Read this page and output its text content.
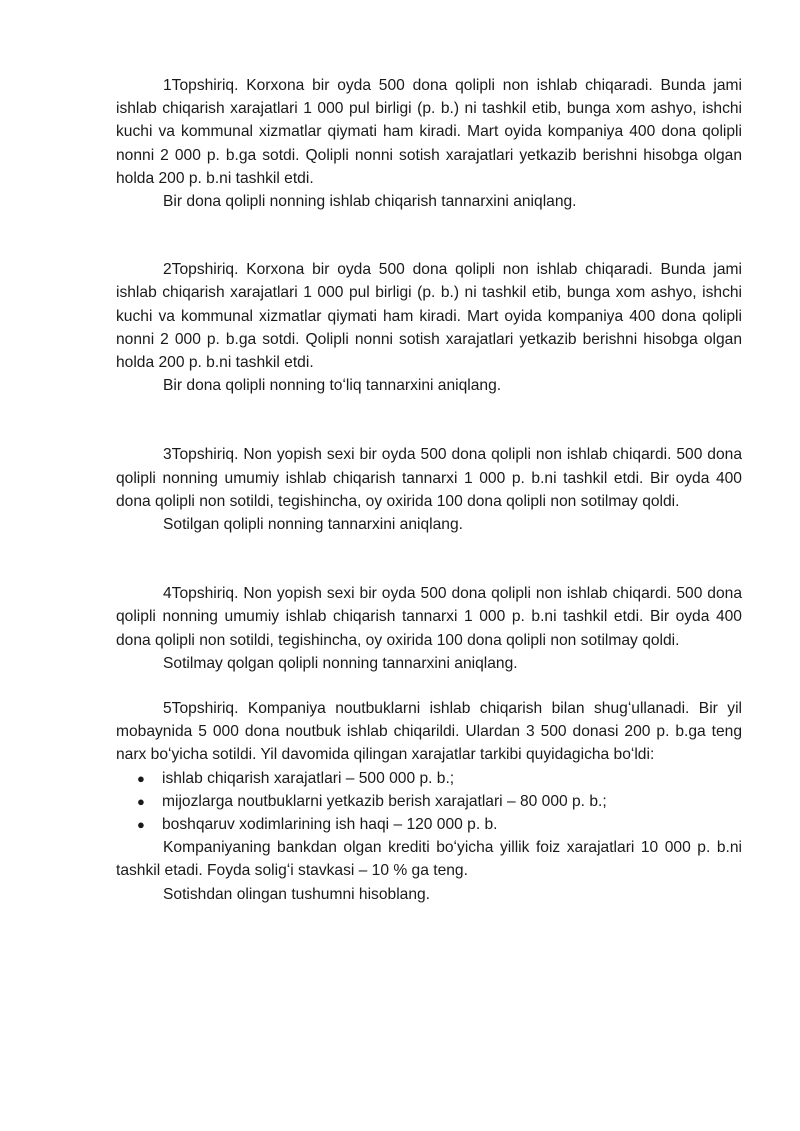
1Topshiriq. Korxona bir oyda 500 dona qolipli non ishlab chiqaradi. Bunda jami ishlab chiqarish xarajatlari 1 000 pul birligi (p. b.) ni tashkil etib, bunga xom ashyo, ishchi kuchi va kommunal xizmatlar qiymati ham kiradi. Mart oyida kompaniya 400 dona qolipli nonni 2 000 p. b.ga sotdi. Qolipli nonni sotish xarajatlari yetkazib berishni hisobga olgan holda 200 p. b.ni tashkil etdi.

Bir dona qolipli nonning ishlab chiqarish tannarxini aniqlang.

2Topshiriq. Korxona bir oyda 500 dona qolipli non ishlab chiqaradi. Bunda jami ishlab chiqarish xarajatlari 1 000 pul birligi (p. b.) ni tashkil etib, bunga xom ashyo, ishchi kuchi va kommunal xizmatlar qiymati ham kiradi. Mart oyida kompaniya 400 dona qolipli nonni 2 000 p. b.ga sotdi. Qolipli nonni sotish xarajatlari yetkazib berishni hisobga olgan holda 200 p. b.ni tashkil etdi.

Bir dona qolipli nonning toʻliq tannarxini aniqlang.

3Topshiriq. Non yopish sexi bir oyda 500 dona qolipli non ishlab chiqardi. 500 dona qolipli nonning umumiy ishlab chiqarish tannarxi 1 000 p. b.ni tashkil etdi. Bir oyda 400 dona qolipli non sotildi, tegishincha, oy oxirida 100 dona qolipli non sotilmay qoldi.

Sotilgan qolipli nonning tannarxini aniqlang.

4Topshiriq. Non yopish sexi bir oyda 500 dona qolipli non ishlab chiqardi. 500 dona qolipli nonning umumiy ishlab chiqarish tannarxi 1 000 p. b.ni tashkil etdi. Bir oyda 400 dona qolipli non sotildi, tegishincha, oy oxirida 100 dona qolipli non sotilmay qoldi.

Sotilmay qolgan qolipli nonning tannarxini aniqlang.

5Topshiriq. Kompaniya noutbuklarni ishlab chiqarish bilan shugʻullanadi. Bir yil mobaynida 5 000 dona noutbuk ishlab chiqarildi. Ulardan 3 500 donasi 200 p. b.ga teng narx boʻyicha sotildi. Yil davomida qilingan xarajatlar tarkibi quyidagicha boʻldi:

● ishlab chiqarish xarajatlari – 500 000 p. b.;
● mijozlarga noutbuklarni yetkazib berish xarajatlari – 80 000 p. b.;
● boshqaruv xodimlarining ish haqi – 120 000 p. b.

Kompaniyaning bankdan olgan krediti boʻyicha yillik foiz xarajatlari 10 000 p. b.ni tashkil etadi. Foyda soligʻi stavkasi – 10 % ga teng.

Sotishdan olingan tushumni hisoblang.
